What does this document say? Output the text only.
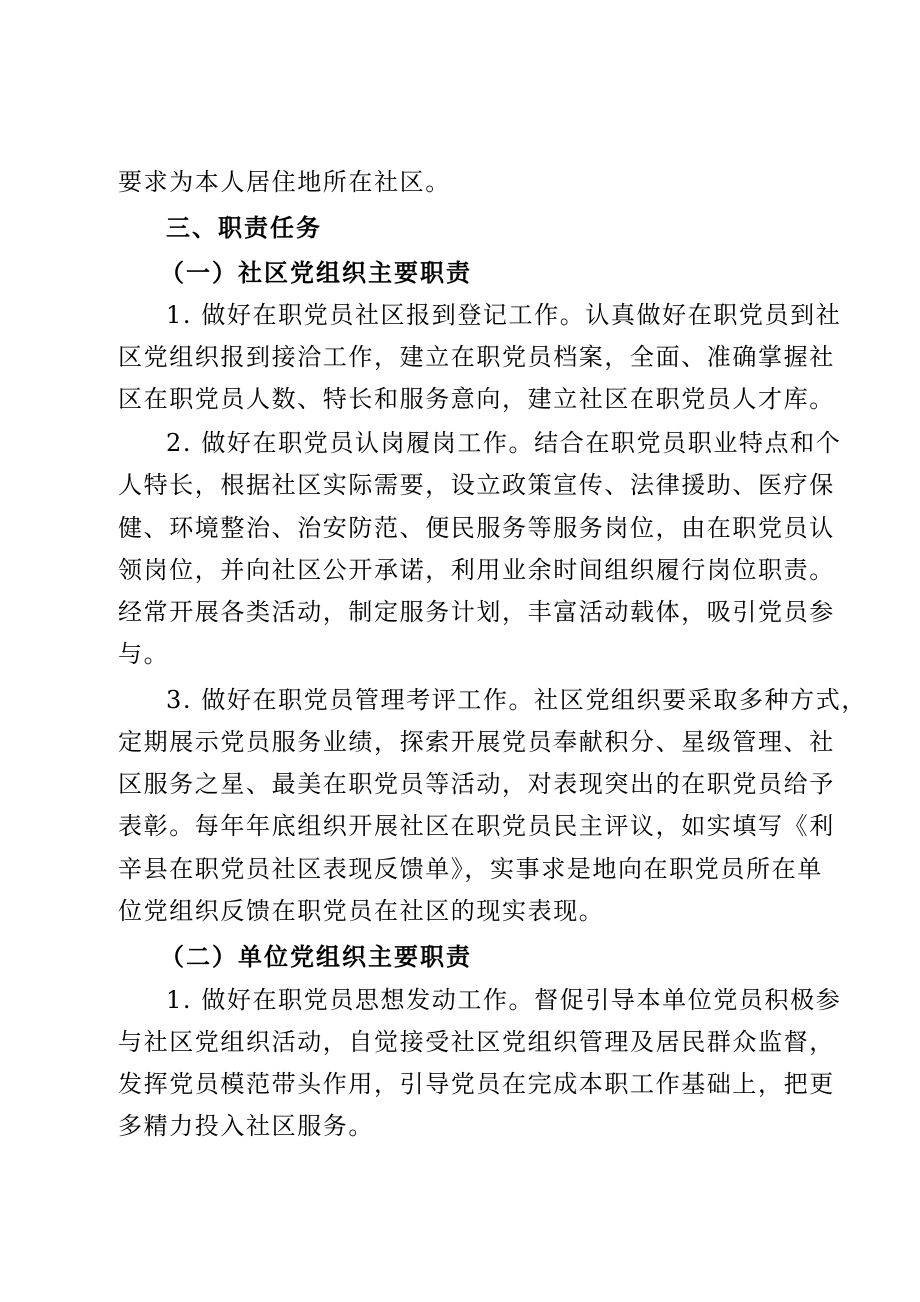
要求为本人居住地所在社区。
三、职责任务
（一）社区党组织主要职责
1. 做好在职党员社区报到登记工作。认真做好在职党员到社
区党组织报到接洽工作，建立在职党员档案，全面、准确掌握社
区在职党员人数、特长和服务意向，建立社区在职党员人才库。
2. 做好在职党员认岗履岗工作。结合在职党员职业特点和个
人特长，根据社区实际需要，设立政策宣传、法律援助、医疗保
健、环境整治、治安防范、便民服务等服务岗位，由在职党员认
领岗位，并向社区公开承诺，利用业余时间组织履行岗位职责。
经常开展各类活动，制定服务计划，丰富活动载体，吸引党员参
与。
3. 做好在职党员管理考评工作。社区党组织要采取多种方式，
定期展示党员服务业绩，探索开展党员奉献积分、星级管理、社
区服务之星、最美在职党员等活动，对表现突出的在职党员给予
表彰。每年年底组织开展社区在职党员民主评议，如实填写《利
辛县在职党员社区表现反馈单》，实事求是地向在职党员所在单
位党组织反馈在职党员在社区的现实表现。
（二）单位党组织主要职责
1. 做好在职党员思想发动工作。督促引导本单位党员积极参
与社区党组织活动，自觉接受社区党组织管理及居民群众监督，
发挥党员模范带头作用，引导党员在完成本职工作基础上，把更
多精力投入社区服务。
